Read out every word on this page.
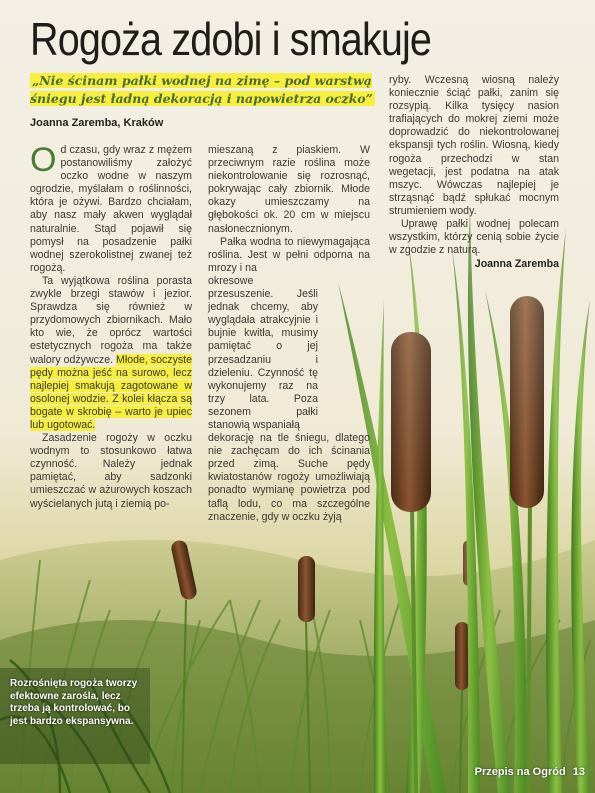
Rogoża zdobi i smakuje
„Nie ścinam pałki wodnej na zimę – pod warstwą śniegu jest ładną dekoracją i napowietrza oczko”
Joanna Zaremba, Kraków

Od czasu, gdy wraz z mężem postanowiliśmy założyć oczko wodne w naszym ogrodzie, myślałam o roślinności, która je ożywi. Bardzo chciałam, aby nasz mały akwen wyglądał naturalnie. Stąd pojawił się pomysł na posadzenie pałki wodnej szerokolistnej zwanej też rogożą.

Ta wyjątkowa roślina porasta zwykle brzegi stawów i jezior. Sprawdza się również w przydomowych zbiornikach. Mało kto wie, że oprócz wartości estetycznych rogoża ma także walory odżywcze. Młode, soczyste pędy można jeść na surowo, lecz najlepiej smakują zagotowane w osolonej wodzie. Z kolei kłącza są bogate w skrobię – warto je upiec lub ugotować.

Zasadzenie rogoży w oczku wodnym to stosunkowo łatwa czynność. Należy jednak pamiętać, aby sadzonki umieszczać w ażurowych koszach wyścielanych jutą i ziemią po-

mieszaną z piaskiem. W przeciwnym razie roślina może niekontrolowanie się rozrosnąć, pokrywając cały zbiornik. Młode okazy umieszczamy na głębokości ok. 20 cm w miejscu nasłonecznionym.

Pałka wodna to niewymagająca roślina. Jest w pełni odporna na mrozy i na

okresowe przesuszenie. Jeśli jednak chcemy, aby wyglądała atrakcyjnie i bujnie kwitła, musimy pamiętać o jej przesadzaniu i dzieleniu. Czynność tę wykonujemy raz na trzy lata. Poza sezonem pałki stanowią wspaniałą

dekorację na tle śniegu, dlatego nie zachęcam do ich ścinania przed zimą. Suche pędy kwiatostanów rogoży umożliwiają ponadto wymianę powietrza pod taflą lodu, co ma szczególne znaczenie, gdy w oczku żyją

ryby. Wczesną wiosną należy koniecznie ściąć pałki, zanim się rozsypią. Kilka tysięcy nasion trafiających do mokrej ziemi może doprowadzić do niekontrolowanej ekspansji tych roślin. Wiosną, kiedy rogoża przechodzi w stan wegetacji, jest podatna na atak mszyc. Wówczas najlepiej je strząsnąć bądź spłukać mocnym strumieniem wody.

Uprawę pałki wodnej polecam wszystkim, którzy cenią sobie życie w zgodzie z naturą.

Joanna Zaremba
Rozrośnięta rogoża tworzy efektowne zarośla, lecz trzeba ją kontrolować, bo jest bardzo ekspansywna.
Przepis na Ogród 13
